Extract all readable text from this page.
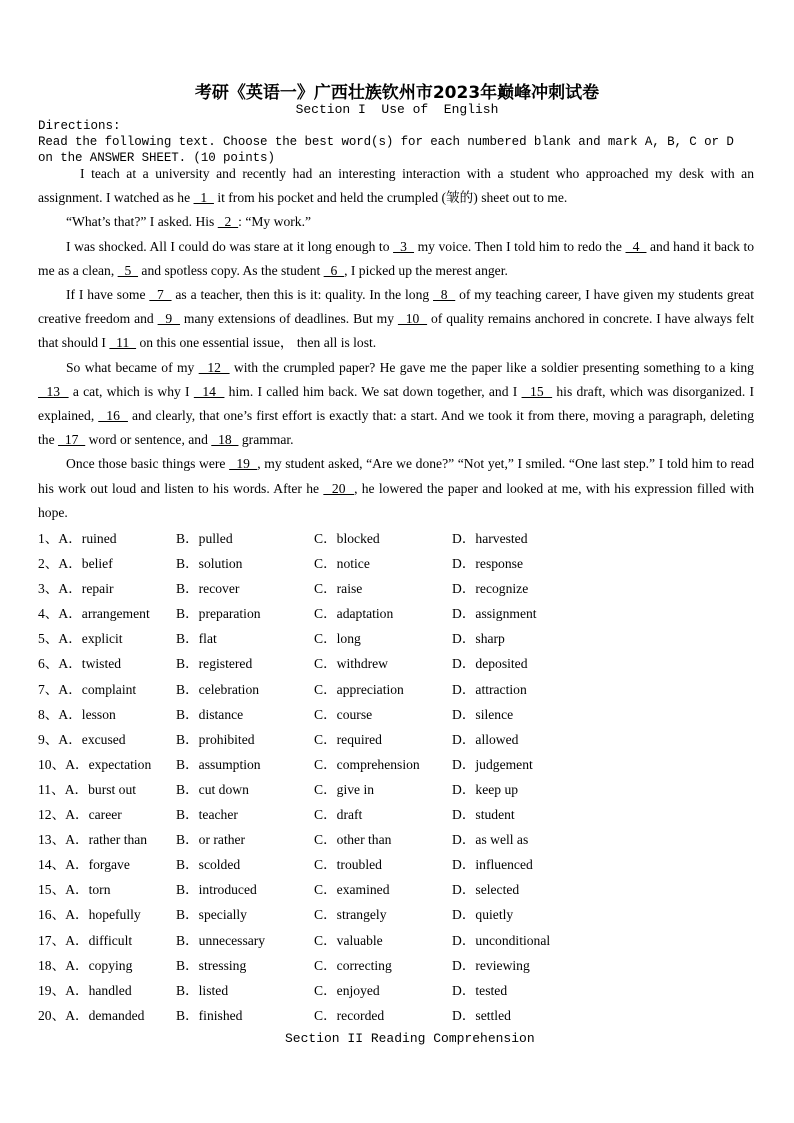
考研《英语一》广西壮族钦州市2023年巅峰冲刺试卷
Section I  Use of  English
Directions:
Read the following text. Choose the best word(s) for each numbered blank and mark A, B, C or D on the ANSWER SHEET. (10 points)

I teach at a university and recently had an interesting interaction with a student who approached my desk with an assignment. I watched as he   1   it from his pocket and held the crumpled (皱的) sheet out to me.

“What’s that?” I asked. His   2  : “My work.”

I was shocked. All I could do was stare at it long enough to   3   my voice. Then I told him to redo the   4   and hand it back to me as a clean,   5   and spotless copy. As the student   6  , I picked up the merest anger.

If I have some   7   as a teacher, then this is it: quality. In the long   8   of my teaching career, I have given my students great creative freedom and   9   many extensions of deadlines. But my   10   of quality remains anchored in concrete. I have always felt that should I   11   on this one essential issue， then all is lost.

So what became of my   12   with the crumpled paper? He gave me the paper like a soldier presenting something to a king   13   a cat, which is why I   14   him. I called him back. We sat down together, and I   15   his draft, which was disorganized. I explained,   16   and clearly, that one’s first effort is exactly that: a start. And we took it from there, moving a paragraph, deleting the   17   word or sentence, and   18   grammar.

Once those basic things were   19  , my student asked, “Are we done?” “Not yet,” I smiled. “One last step.” I told him to read his work out loud and listen to his words. After he   20  , he lowered the paper and looked at me, with his expression filled with hope.

1、A．ruined	B．pulled	C．blocked	D．harvested
2、A．belief	B．solution	C．notice	D．response
3、A．repair	B．recover	C．raise	D．recognize
4、A．arrangement B．preparation	C．adaptation	D．assignment
5、A．explicit	B．flat	C．long	D．sharp
6、A．twisted	B．registered	C．withdrew	D．deposited
7、A．complaint	B．celebration	C．appreciation	D．attraction
8、A．lesson	B．distance	C．course	D．silence
9、A．excused	B．prohibited	C．required	D．allowed
10、A．expectation B．assumption	C．comprehension D．judgement
11、A．burst out	B．cut down	C．give in	D．keep up
12、A．career	B．teacher	C．draft	D．student
13、A．rather than B．or rather	C．other than	D．as well as
14、A．forgave	B．scolded	C．troubled	D．influenced
15、A．torn	B．introduced	C．examined	D．selected
16、A．hopefully	B．specially	C．strangely	D．quietly
17、A．difficult	B．unnecessary	C．valuable	D．unconditional
18、A．copying	B．stressing	C．correcting	D．reviewing
19、A．handled	B．listed	C．enjoyed	D．tested
20、A．demanded B．finished	C．recorded	D．settled
Section II Reading Comprehension
